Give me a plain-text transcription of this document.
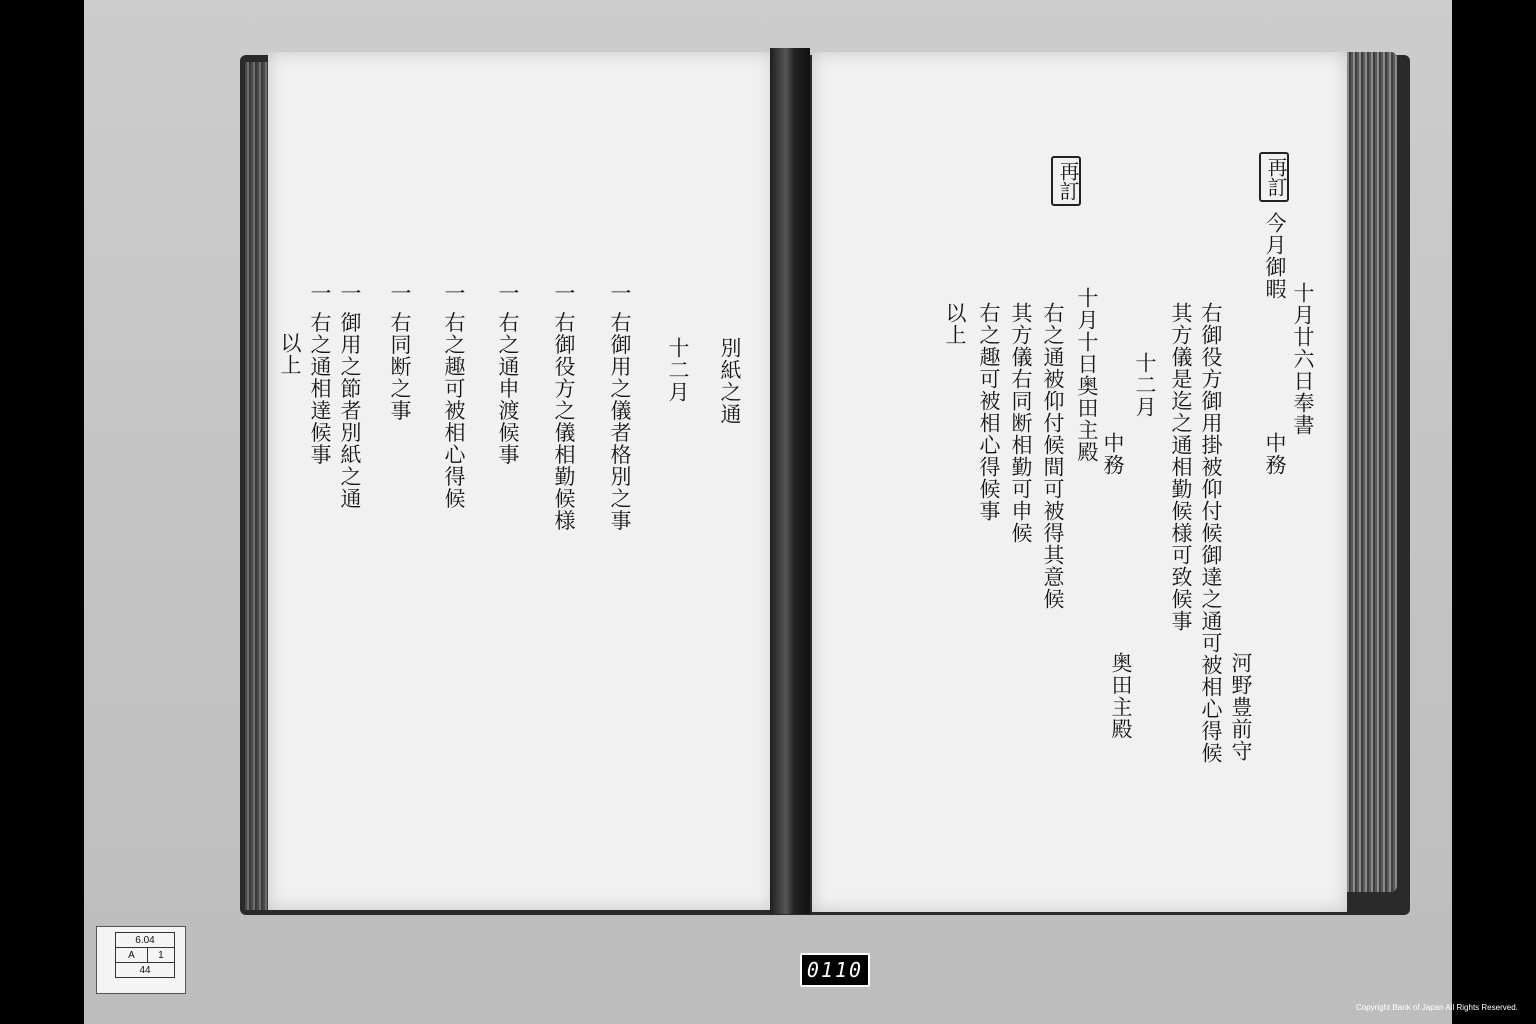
別紙之通
十二月
一 右御用之儀者格別之事
一 右御役方之儀相勤候様
一 右之通申渡候事
一 右之趣可被相心得候
一 右同断之事
一 御用之節者別紙之通
一 右之通相達候事
以上
再訂
再訂
今月御暇
十月廿六日奉書
中務
河野豊前守
右御役方御用掛被仰付候御達之通可被相心得候
其方儀是迄之通相勤候様可致候事
十二月
奥田主殿
中務
十月十日奥田主殿
右之通被仰付候間可被得其意候
其方儀右同断相勤可申候
右之趣可被相心得候事
以上
6.04
A	1
44	0110
Copyright Bank of Japan All Rights Reserved.
